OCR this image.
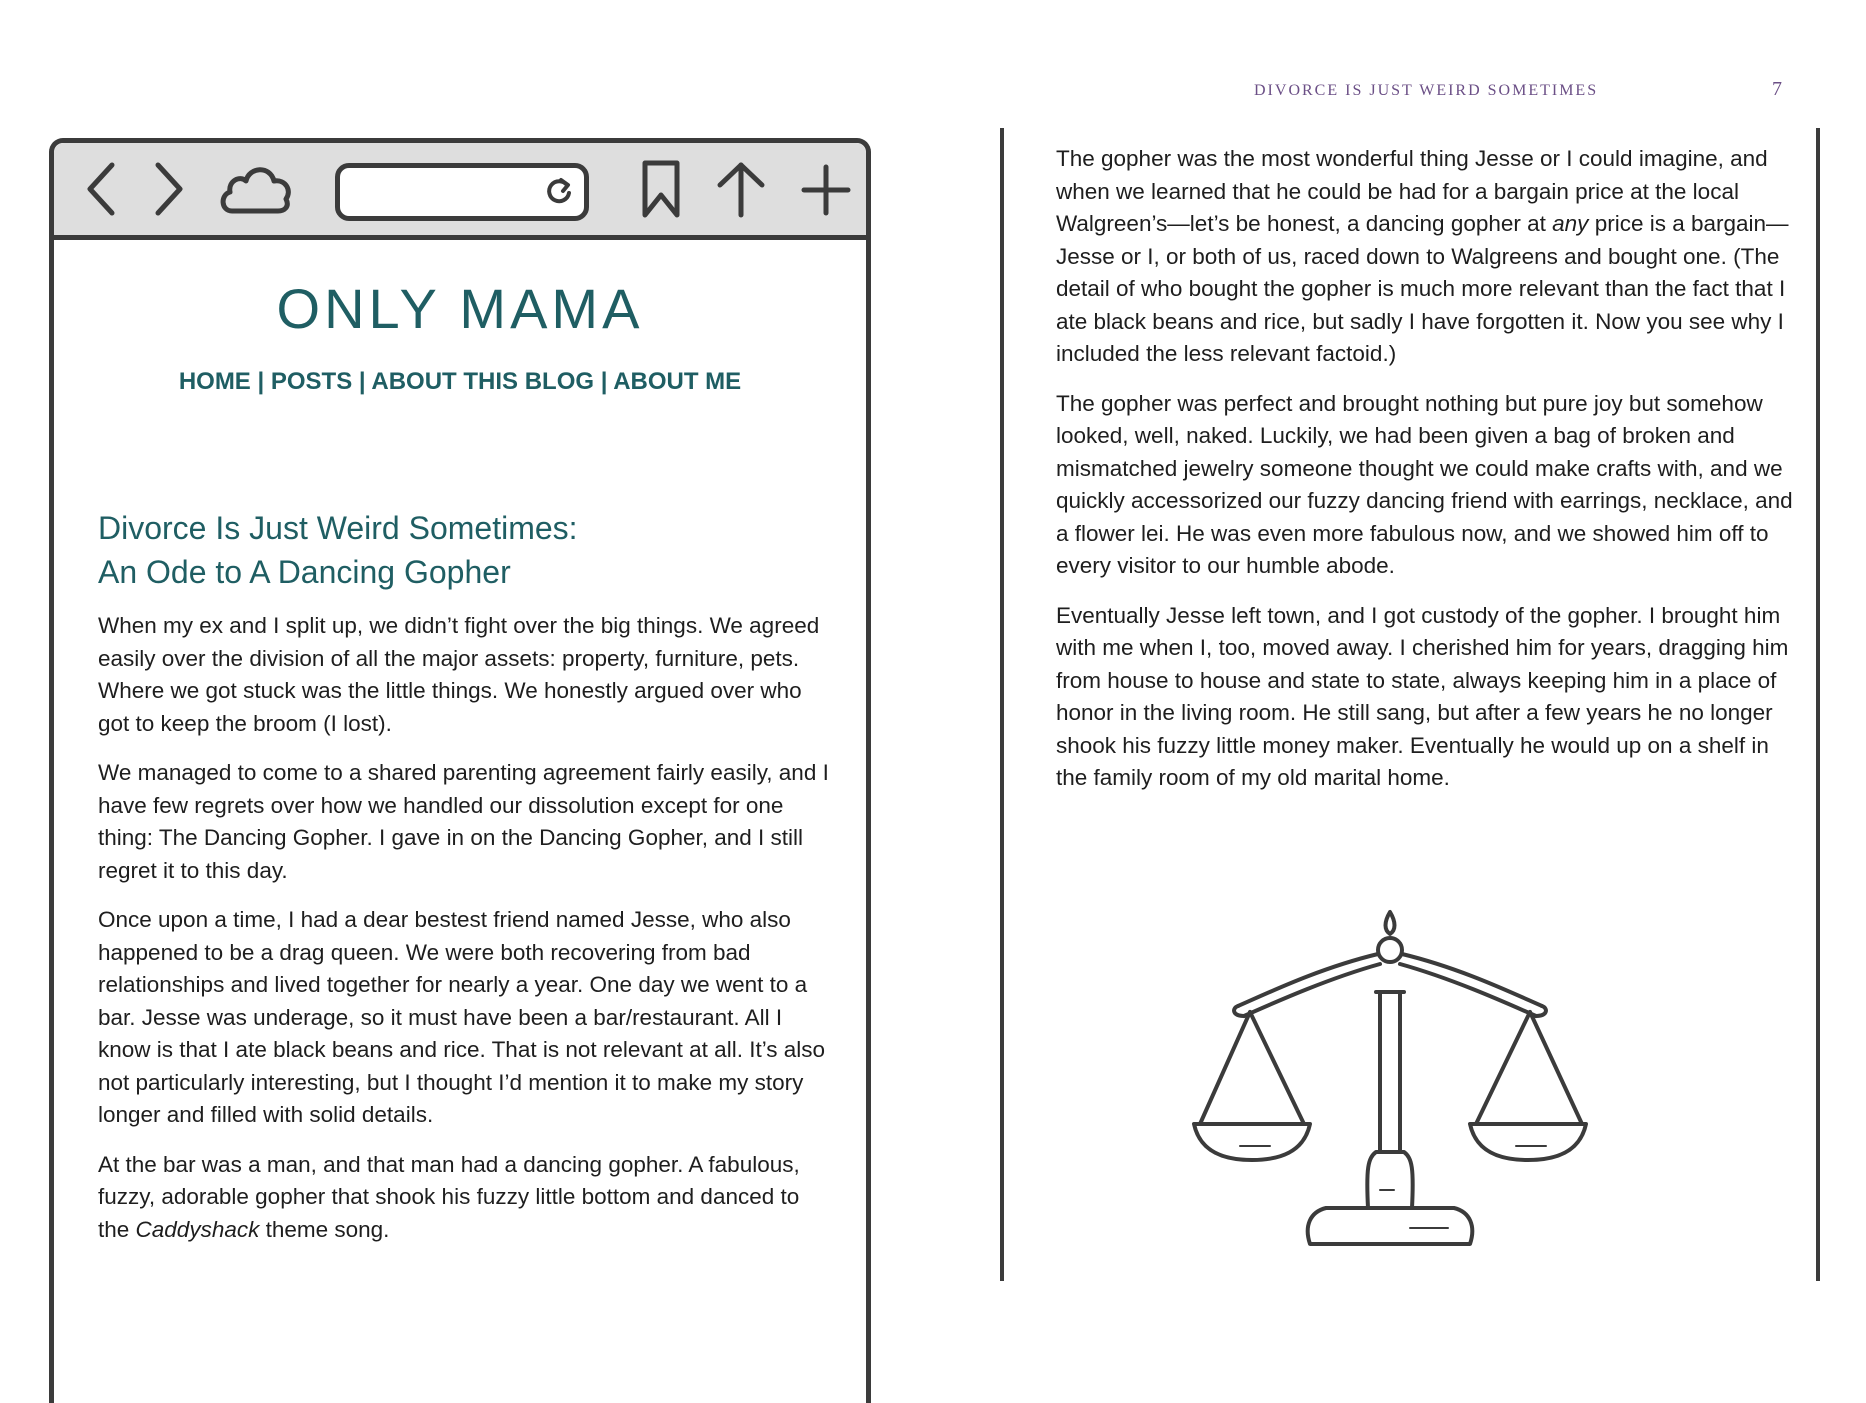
DIVORCE IS JUST WEIRD SOMETIMES	7
ONLY MAMA
HOME | POSTS | ABOUT THIS BLOG | ABOUT ME
Divorce Is Just Weird Sometimes:
An Ode to A Dancing Gopher

When my ex and I split up, we didn’t fight over the big things. We agreed easily over the division of all the major assets: property, furniture, pets. Where we got stuck was the little things. We honestly argued over who got to keep the broom (I lost).

We managed to come to a shared parenting agreement fairly easily, and I have few regrets over how we handled our dissolution except for one thing: The Dancing Gopher. I gave in on the Dancing Gopher, and I still regret it to this day.

Once upon a time, I had a dear bestest friend named Jesse, who also happened to be a drag queen. We were both recovering from bad relationships and lived together for nearly a year. One day we went to a bar. Jesse was underage, so it must have been a bar/restaurant. All I know is that I ate black beans and rice. That is not relevant at all. It’s also not particularly interesting, but I thought I’d mention it to make my story longer and filled with solid details.

At the bar was a man, and that man had a dancing gopher. A fabulous, fuzzy, adorable gopher that shook his fuzzy little bottom and danced to the Caddyshack theme song.

The gopher was the most wonderful thing Jesse or I could imagine, and when we learned that he could be had for a bargain price at the local Walgreen’s—let’s be honest, a dancing gopher at any price is a bargain—Jesse or I, or both of us, raced down to Walgreens and bought one. (The detail of who bought the gopher is much more relevant than the fact that I ate black beans and rice, but sadly I have forgotten it. Now you see why I included the less relevant factoid.)

The gopher was perfect and brought nothing but pure joy but somehow looked, well, naked. Luckily, we had been given a bag of broken and mismatched jewelry someone thought we could make crafts with, and we quickly accessorized our fuzzy dancing friend with earrings, necklace, and a flower lei. He was even more fabulous now, and we showed him off to every visitor to our humble abode.

Eventually Jesse left town, and I got custody of the gopher. I brought him with me when I, too, moved away. I cherished him for years, dragging him from house to house and state to state, always keeping him in a place of honor in the living room. He still sang, but after a few years he no longer shook his fuzzy little money maker. Eventually he would up on a shelf in the family room of my old marital home.
